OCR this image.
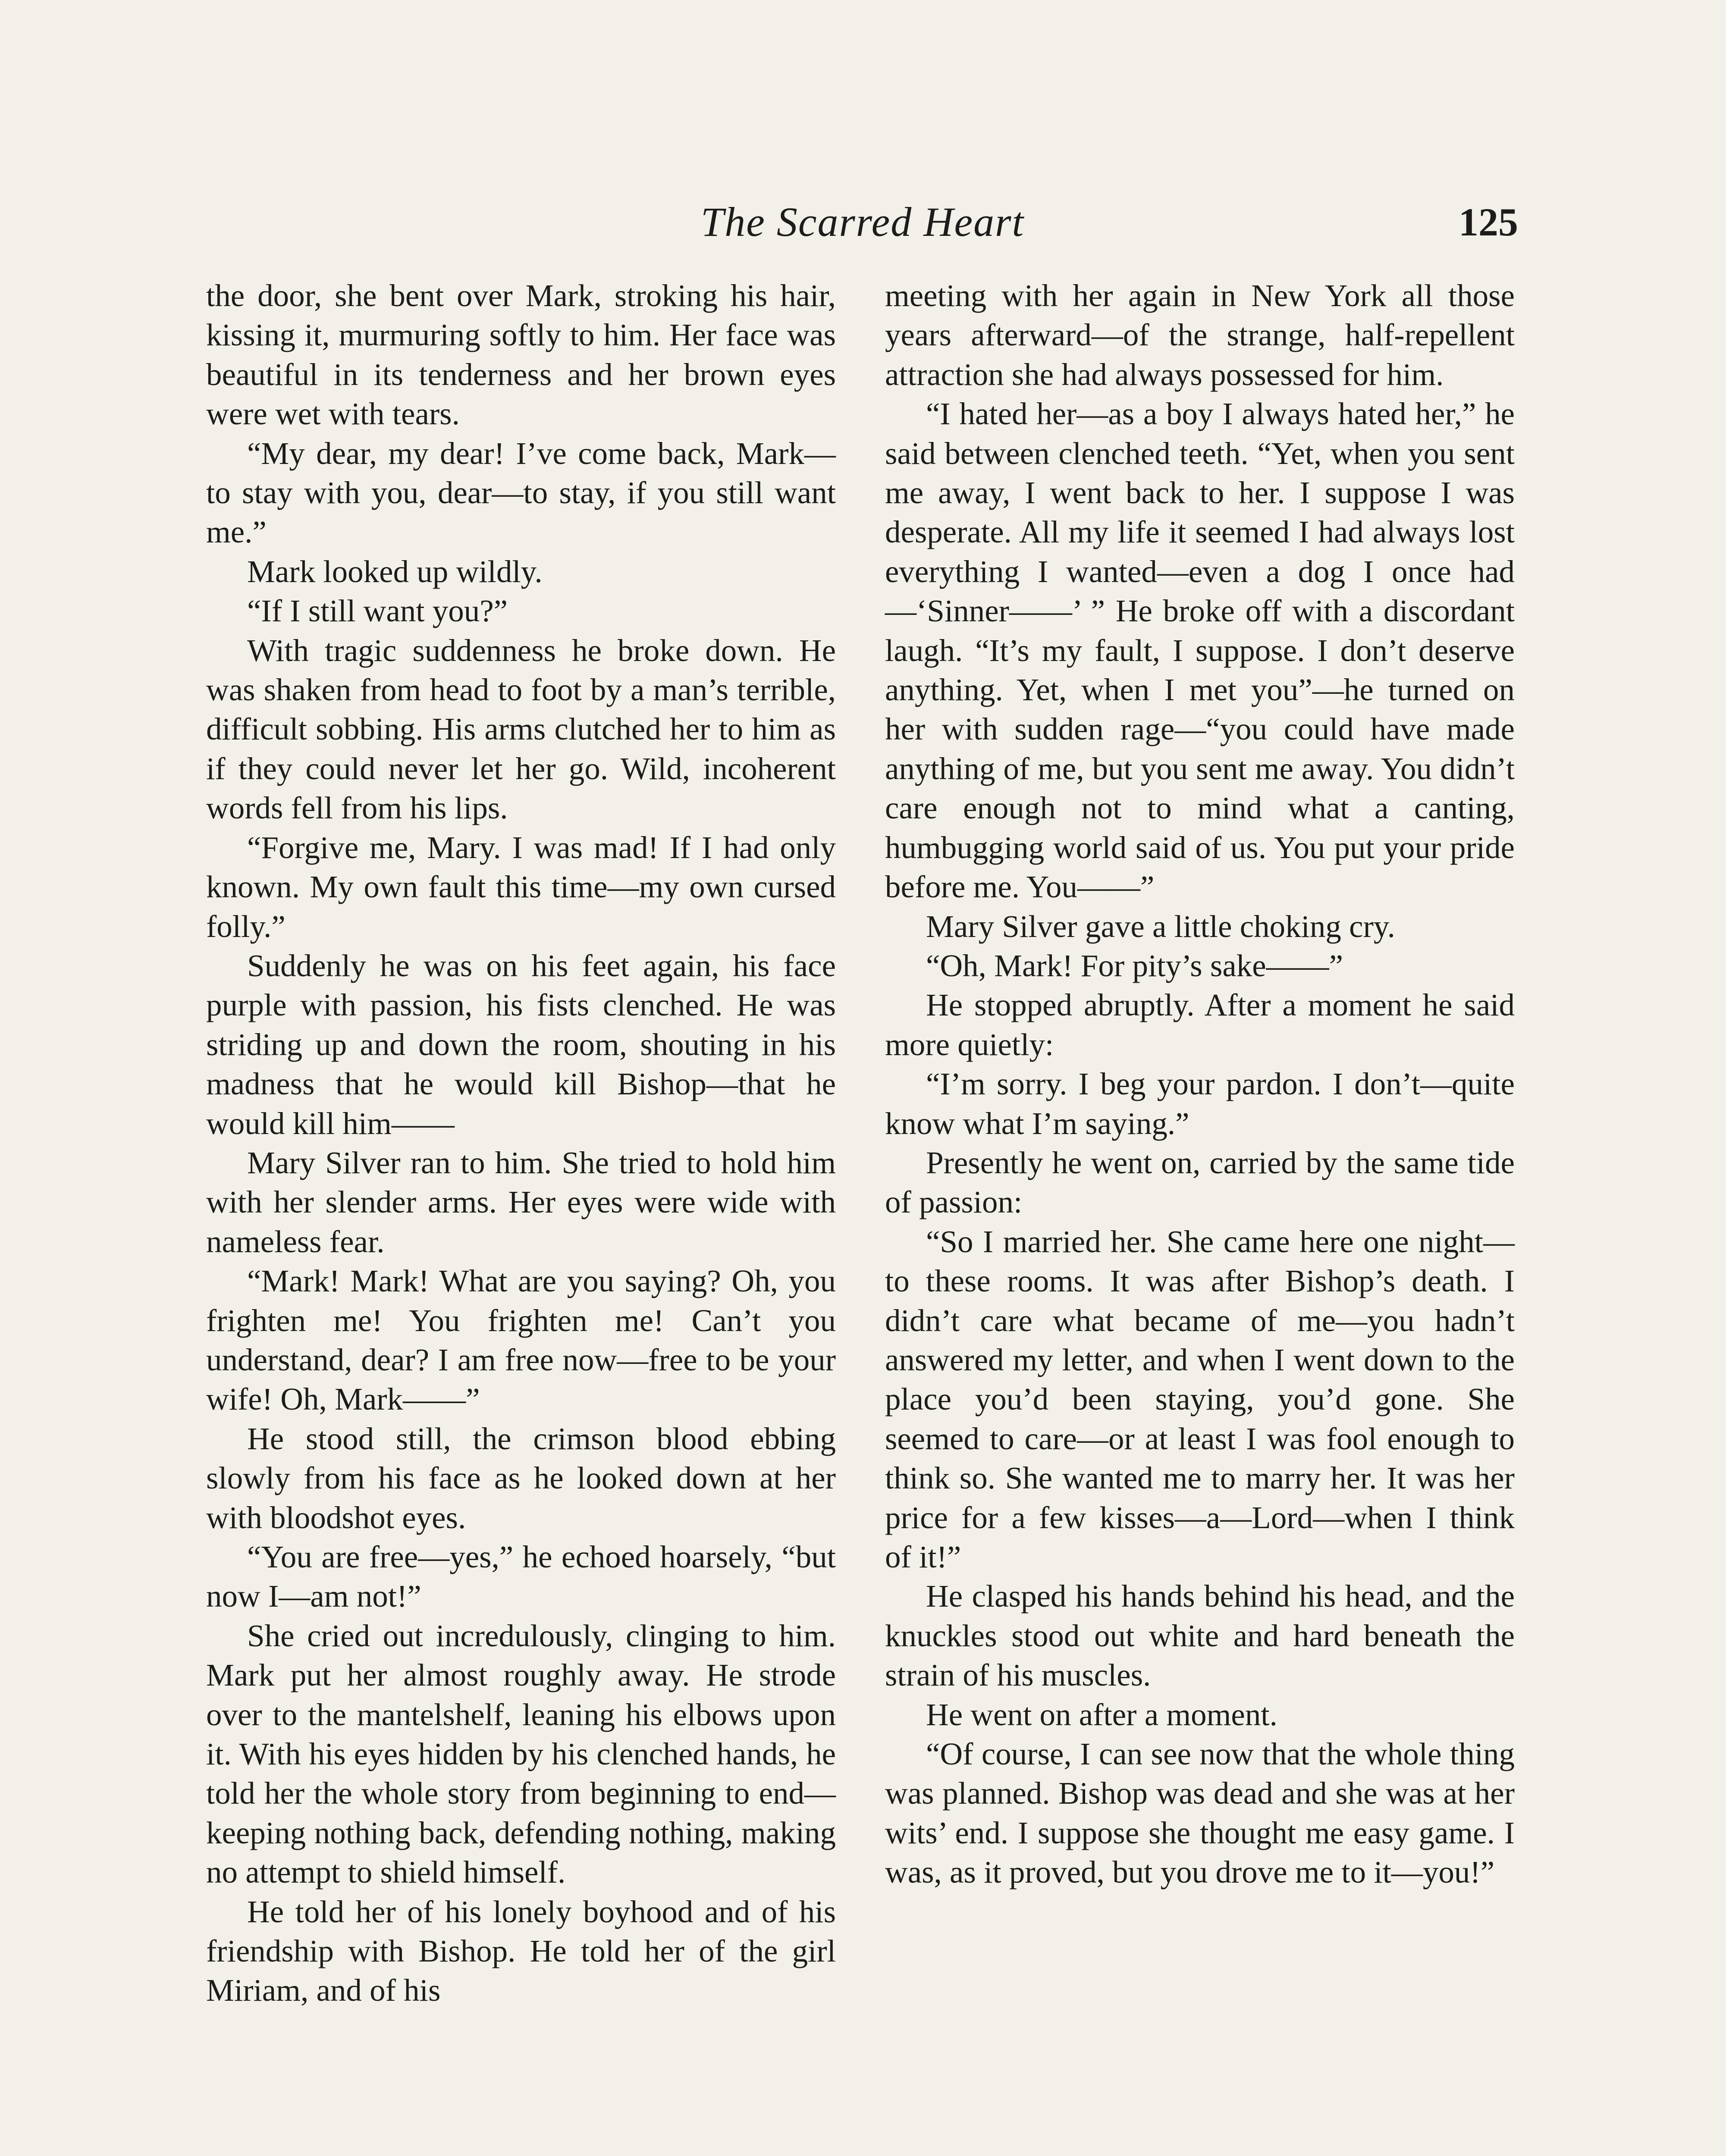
The Scarred Heart	125

the door, she bent over Mark, stroking his hair, kissing it, murmuring softly to him. Her face was beautiful in its tenderness and her brown eyes were wet with tears.

“My dear, my dear! I’ve come back, Mark—to stay with you, dear—to stay, if you still want me.”

Mark looked up wildly.

“If I still want you?”

With tragic suddenness he broke down. He was shaken from head to foot by a man’s terrible, difficult sobbing. His arms clutched her to him as if they could never let her go. Wild, incoherent words fell from his lips.

“Forgive me, Mary. I was mad! If I had only known. My own fault this time—my own cursed folly.”

Suddenly he was on his feet again, his face purple with passion, his fists clenched. He was striding up and down the room, shouting in his madness that he would kill Bishop—that he would kill him——

Mary Silver ran to him. She tried to hold him with her slender arms. Her eyes were wide with nameless fear.

“Mark! Mark! What are you saying? Oh, you frighten me! You frighten me! Can’t you understand, dear? I am free now—free to be your wife! Oh, Mark——”

He stood still, the crimson blood ebbing slowly from his face as he looked down at her with bloodshot eyes.

“You are free—yes,” he echoed hoarsely, “but now I—am not!”

She cried out incredulously, clinging to him. Mark put her almost roughly away. He strode over to the mantelshelf, leaning his elbows upon it. With his eyes hidden by his clenched hands, he told her the whole story from beginning to end—keeping nothing back, defending nothing, making no attempt to shield himself.

He told her of his lonely boyhood and of his friendship with Bishop. He told her of the girl Miriam, and of his

meeting with her again in New York all those years afterward—of the strange, half-repellent attraction she had always possessed for him.

“I hated her—as a boy I always hated her,” he said between clenched teeth. “Yet, when you sent me away, I went back to her. I suppose I was desperate. All my life it seemed I had always lost everything I wanted—even a dog I once had—‘Sinner——’ ” He broke off with a discordant laugh. “It’s my fault, I suppose. I don’t deserve anything. Yet, when I met you”—he turned on her with sudden rage—“you could have made anything of me, but you sent me away. You didn’t care enough not to mind what a canting, humbugging world said of us. You put your pride before me. You——”

Mary Silver gave a little choking cry.

“Oh, Mark! For pity’s sake——”

He stopped abruptly. After a moment he said more quietly:

“I’m sorry. I beg your pardon. I don’t—quite know what I’m saying.”

Presently he went on, carried by the same tide of passion:

“So I married her. She came here one night—to these rooms. It was after Bishop’s death. I didn’t care what became of me—you hadn’t answered my letter, and when I went down to the place you’d been staying, you’d gone. She seemed to care—or at least I was fool enough to think so. She wanted me to marry her. It was her price for a few kisses—a—Lord—when I think of it!”

He clasped his hands behind his head, and the knuckles stood out white and hard beneath the strain of his muscles.

He went on after a moment.

“Of course, I can see now that the whole thing was planned. Bishop was dead and she was at her wits’ end. I suppose she thought me easy game. I was, as it proved, but you drove me to it—you!”
